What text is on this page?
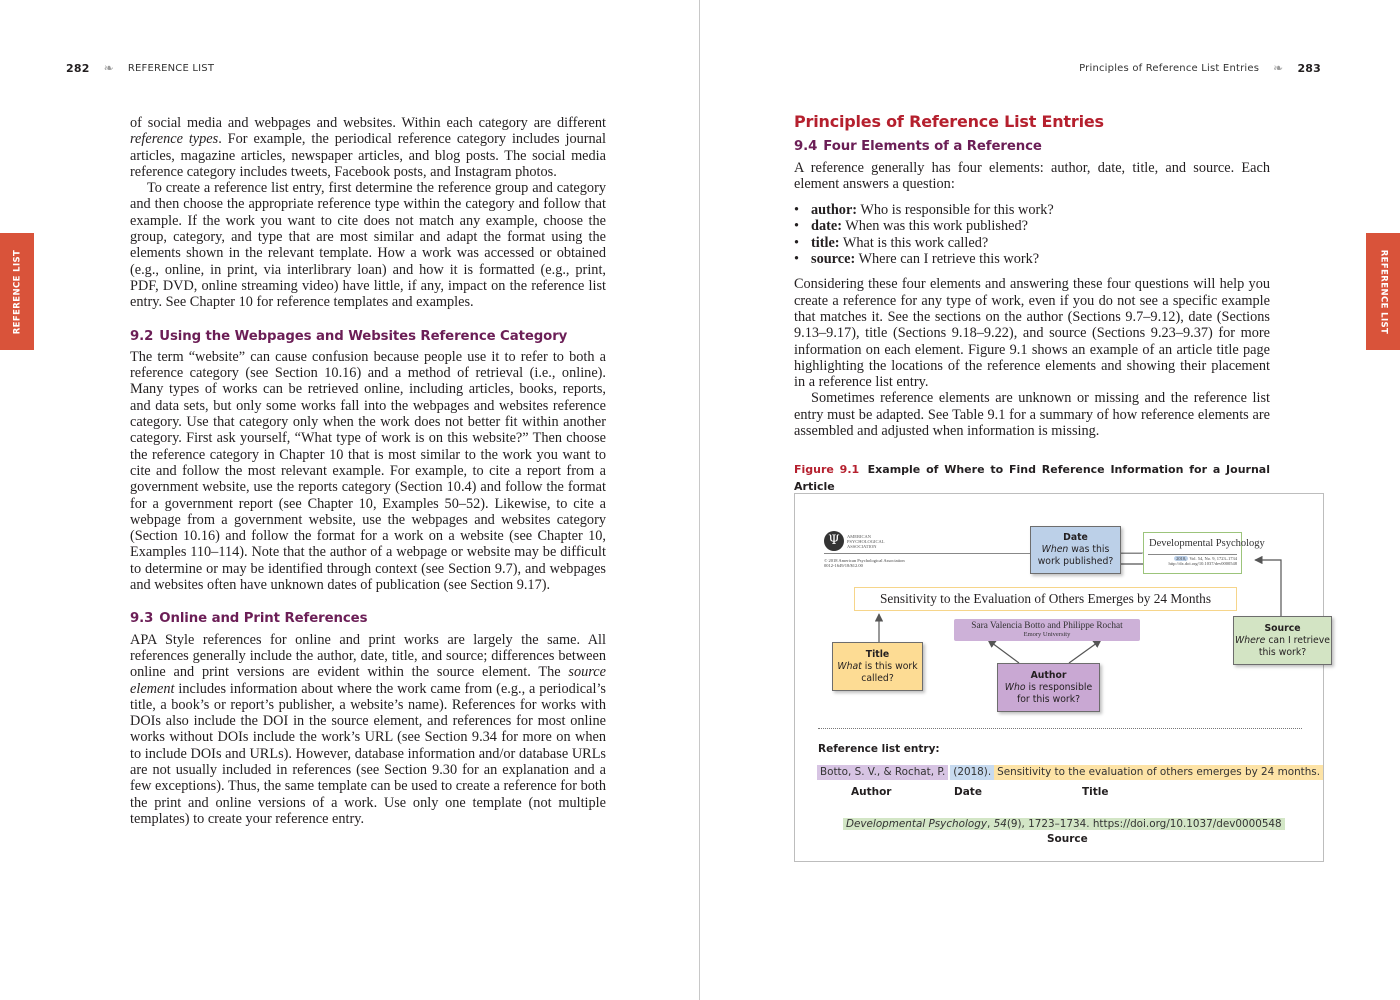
282 ❧ REFERENCE LIST
REFERENCE LIST

of social media and webpages and websites. Within each category are different reference types. For example, the periodical reference category includes journal articles, magazine articles, newspaper articles, and blog posts. The social media reference category includes tweets, Facebook posts, and Instagram photos.

To create a reference list entry, first determine the reference group and category and then choose the appropriate reference type within the category and follow that example. If the work you want to cite does not match any example, choose the group, category, and type that are most similar and adapt the format using the elements shown in the relevant template. How a work was accessed or obtained (e.g., online, in print, via interlibrary loan) and how it is formatted (e.g., print, PDF, DVD, online streaming video) have little, if any, impact on the reference list entry. See Chapter 10 for reference templates and examples.

9.2 Using the Webpages and Websites Reference Category

The term “website” can cause confusion because people use it to refer to both a reference category (see Section 10.16) and a method of retrieval (i.e., online). Many types of works can be retrieved online, including articles, books, reports, and data sets, but only some works fall into the webpages and websites reference category. Use that category only when the work does not better fit within another category. First ask yourself, “What type of work is on this website?” Then choose the reference category in Chapter 10 that is most similar to the work you want to cite and follow the most relevant example. For example, to cite a report from a government website, use the reports category (Section 10.4) and follow the format for a government report (see Chapter 10, Examples 50–52). Likewise, to cite a webpage from a government website, use the webpages and websites category (Section 10.16) and follow the format for a work on a website (see Chapter 10, Examples 110–114). Note that the author of a webpage or website may be difficult to determine or may be identified through context (see Section 9.7), and webpages and websites often have unknown dates of publication (see Section 9.17).

9.3 Online and Print References

APA Style references for online and print works are largely the same. All references generally include the author, date, title, and source; differences between online and print versions are evident within the source element. The source element includes information about where the work came from (e.g., a periodical’s title, a book’s or report’s publisher, a website’s name). References for works with DOIs also include the DOI in the source element, and references for most online works without DOIs include the work’s URL (see Section 9.34 for more on when to include DOIs and URLs). However, database information and/or database URLs are not usually included in references (see Section 9.30 for an explanation and a few exceptions). Thus, the same template can be used to create a reference for both the print and online versions of a work. Use only one template (not multiple templates) to create your reference entry.

Principles of Reference List Entries ❧ 283
REFERENCE LIST
Principles of Reference List Entries
9.4 Four Elements of a Reference

A reference generally has four elements: author, date, title, and source. Each element answers a question:

• author: Who is responsible for this work?
• date: When was this work published?
• title: What is this work called?
• source: Where can I retrieve this work?

Considering these four elements and answering these four questions will help you create a reference for any type of work, even if you do not see a specific example that matches it. See the sections on the author (Sections 9.7–9.12), date (Sections 9.13–9.17), title (Sections 9.18–9.22), and source (Sections 9.23–9.37) for more information on each element. Figure 9.1 shows an example of an article title page highlighting the locations of the reference elements and showing their placement in a reference list entry.

Sometimes reference elements are unknown or missing and the reference list entry must be adapted. See Table 9.1 for a summary of how reference elements are assembled and adjusted when information is missing.

Figure 9.1 Example of Where to Find Reference Information for a Journal Article
Ψ	AMERICAN
PSYCHOLOGICAL
ASSOCIATION
© 2018 American Psychological Association
0012-1649/18/$12.00
Developmental Psychology
2018, Vol. 54, No. 9, 1723–1734
http://dx.doi.org/10.1037/dev0000548
Date
When was this work published?
Sensitivity to the Evaluation of Others Emerges by 24 Months
Sara Valencia Botto and Philippe Rochat
Emory University
Title
What is this work called?	Author
Who is responsible for this work?
Source
Where can I retrieve this work?
Reference list entry:
Botto, S. V., & Rochat, P. (2018). Sensitivity to the evaluation of others emerges by 24 months.
Author	Date	Title
Developmental Psychology, 54(9), 1723–1734. https://doi.org/10.1037/dev0000548
Source
